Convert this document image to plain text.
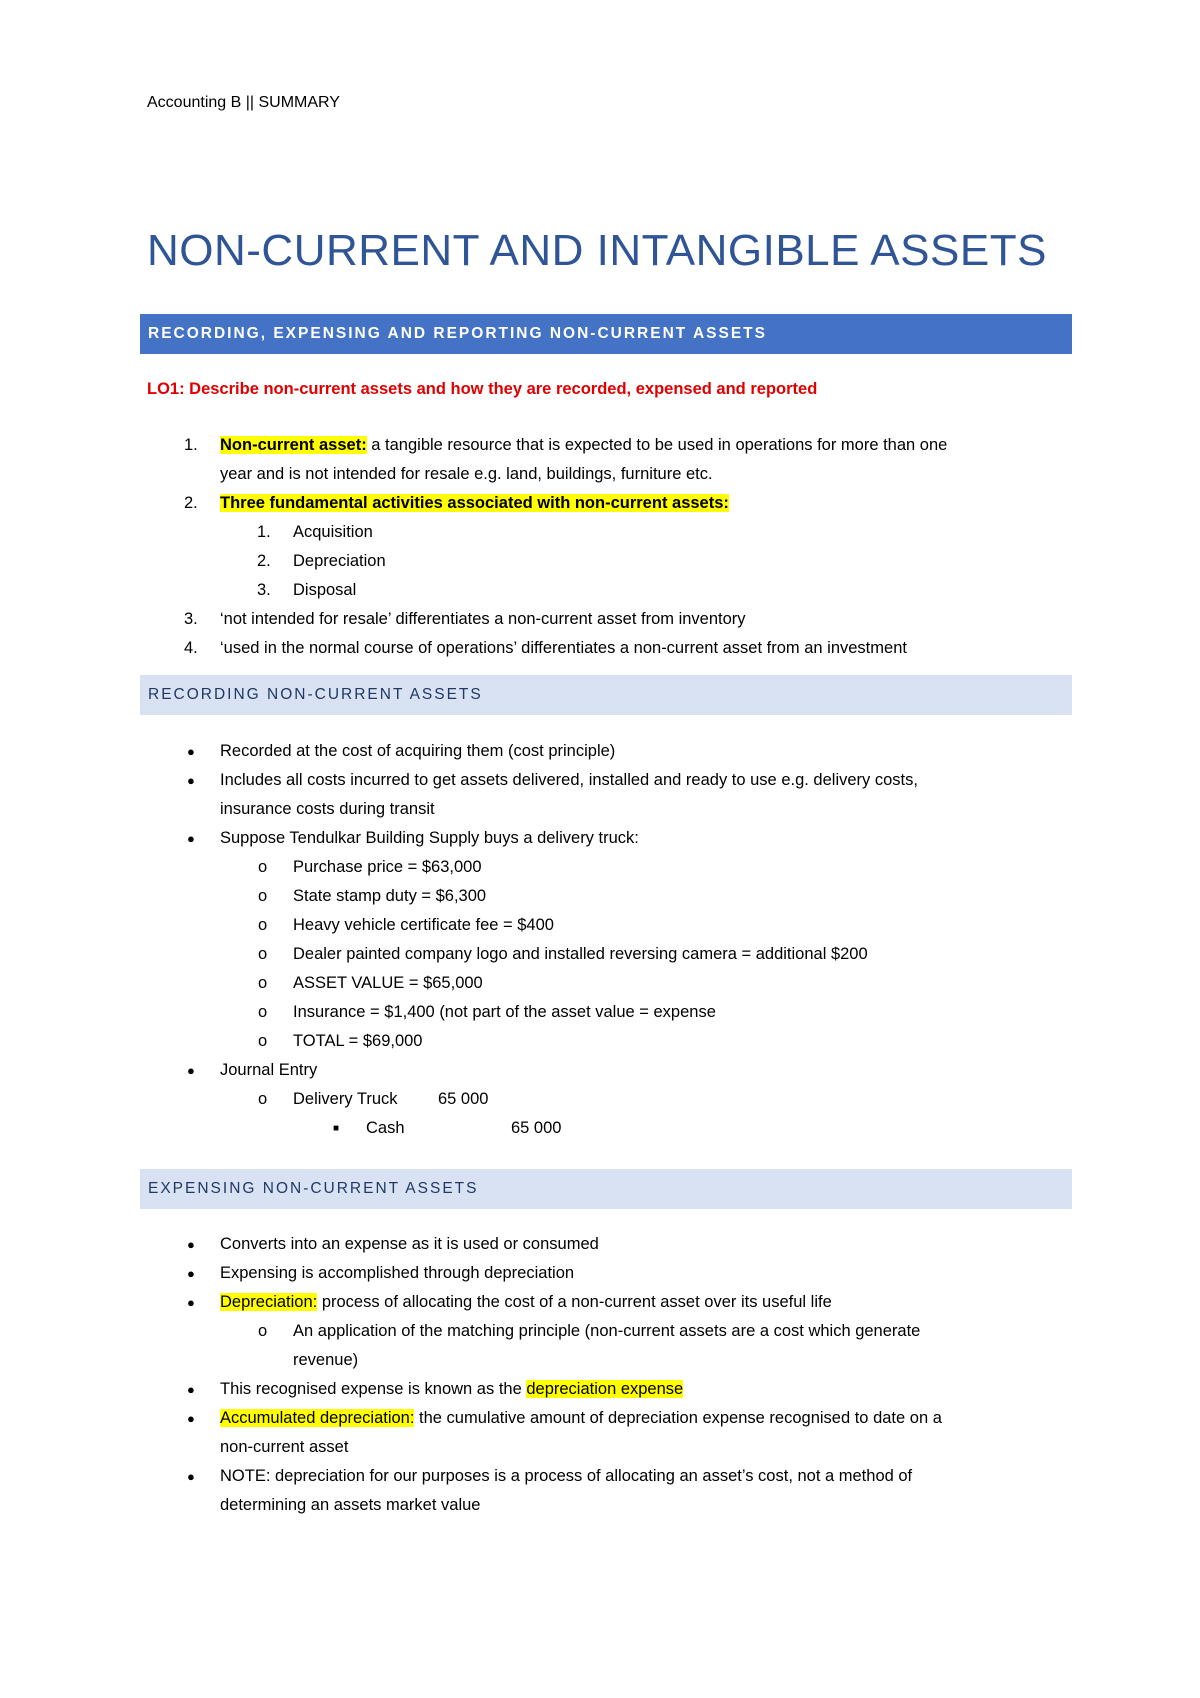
Accounting B || SUMMARY
NON-CURRENT AND INTANGIBLE ASSETS
RECORDING, EXPENSING AND REPORTING NON-CURRENT ASSETS
LO1: Describe non-current assets and how they are recorded, expensed and reported
1. Non-current asset: a tangible resource that is expected to be used in operations for more than one
year and is not intended for resale e.g. land, buildings, furniture etc.
2. Three fundamental activities associated with non-current assets:
1. Acquisition
2. Depreciation
3. Disposal
3. ‘not intended for resale’ differentiates a non-current asset from inventory
4. ‘used in the normal course of operations’ differentiates a non-current asset from an investment
RECORDING NON-CURRENT ASSETS
● Recorded at the cost of acquiring them (cost principle)
● Includes all costs incurred to get assets delivered, installed and ready to use e.g. delivery costs,
insurance costs during transit
● Suppose Tendulkar Building Supply buys a delivery truck:
o Purchase price = $63,000
o State stamp duty = $6,300
o Heavy vehicle certificate fee = $400
o Dealer painted company logo and installed reversing camera = additional $200
o ASSET VALUE = $65,000
o Insurance = $1,400 (not part of the asset value = expense
o TOTAL = $69,000
● Journal Entry
o Delivery Truck 65 000
■ Cash	65 000
EXPENSING NON-CURRENT ASSETS
● Converts into an expense as it is used or consumed
● Expensing is accomplished through depreciation
● Depreciation: process of allocating the cost of a non-current asset over its useful life
o An application of the matching principle (non-current assets are a cost which generate
revenue)
● This recognised expense is known as the depreciation expense
● Accumulated depreciation: the cumulative amount of depreciation expense recognised to date on a
non-current asset
● NOTE: depreciation for our purposes is a process of allocating an asset’s cost, not a method of
determining an assets market value
